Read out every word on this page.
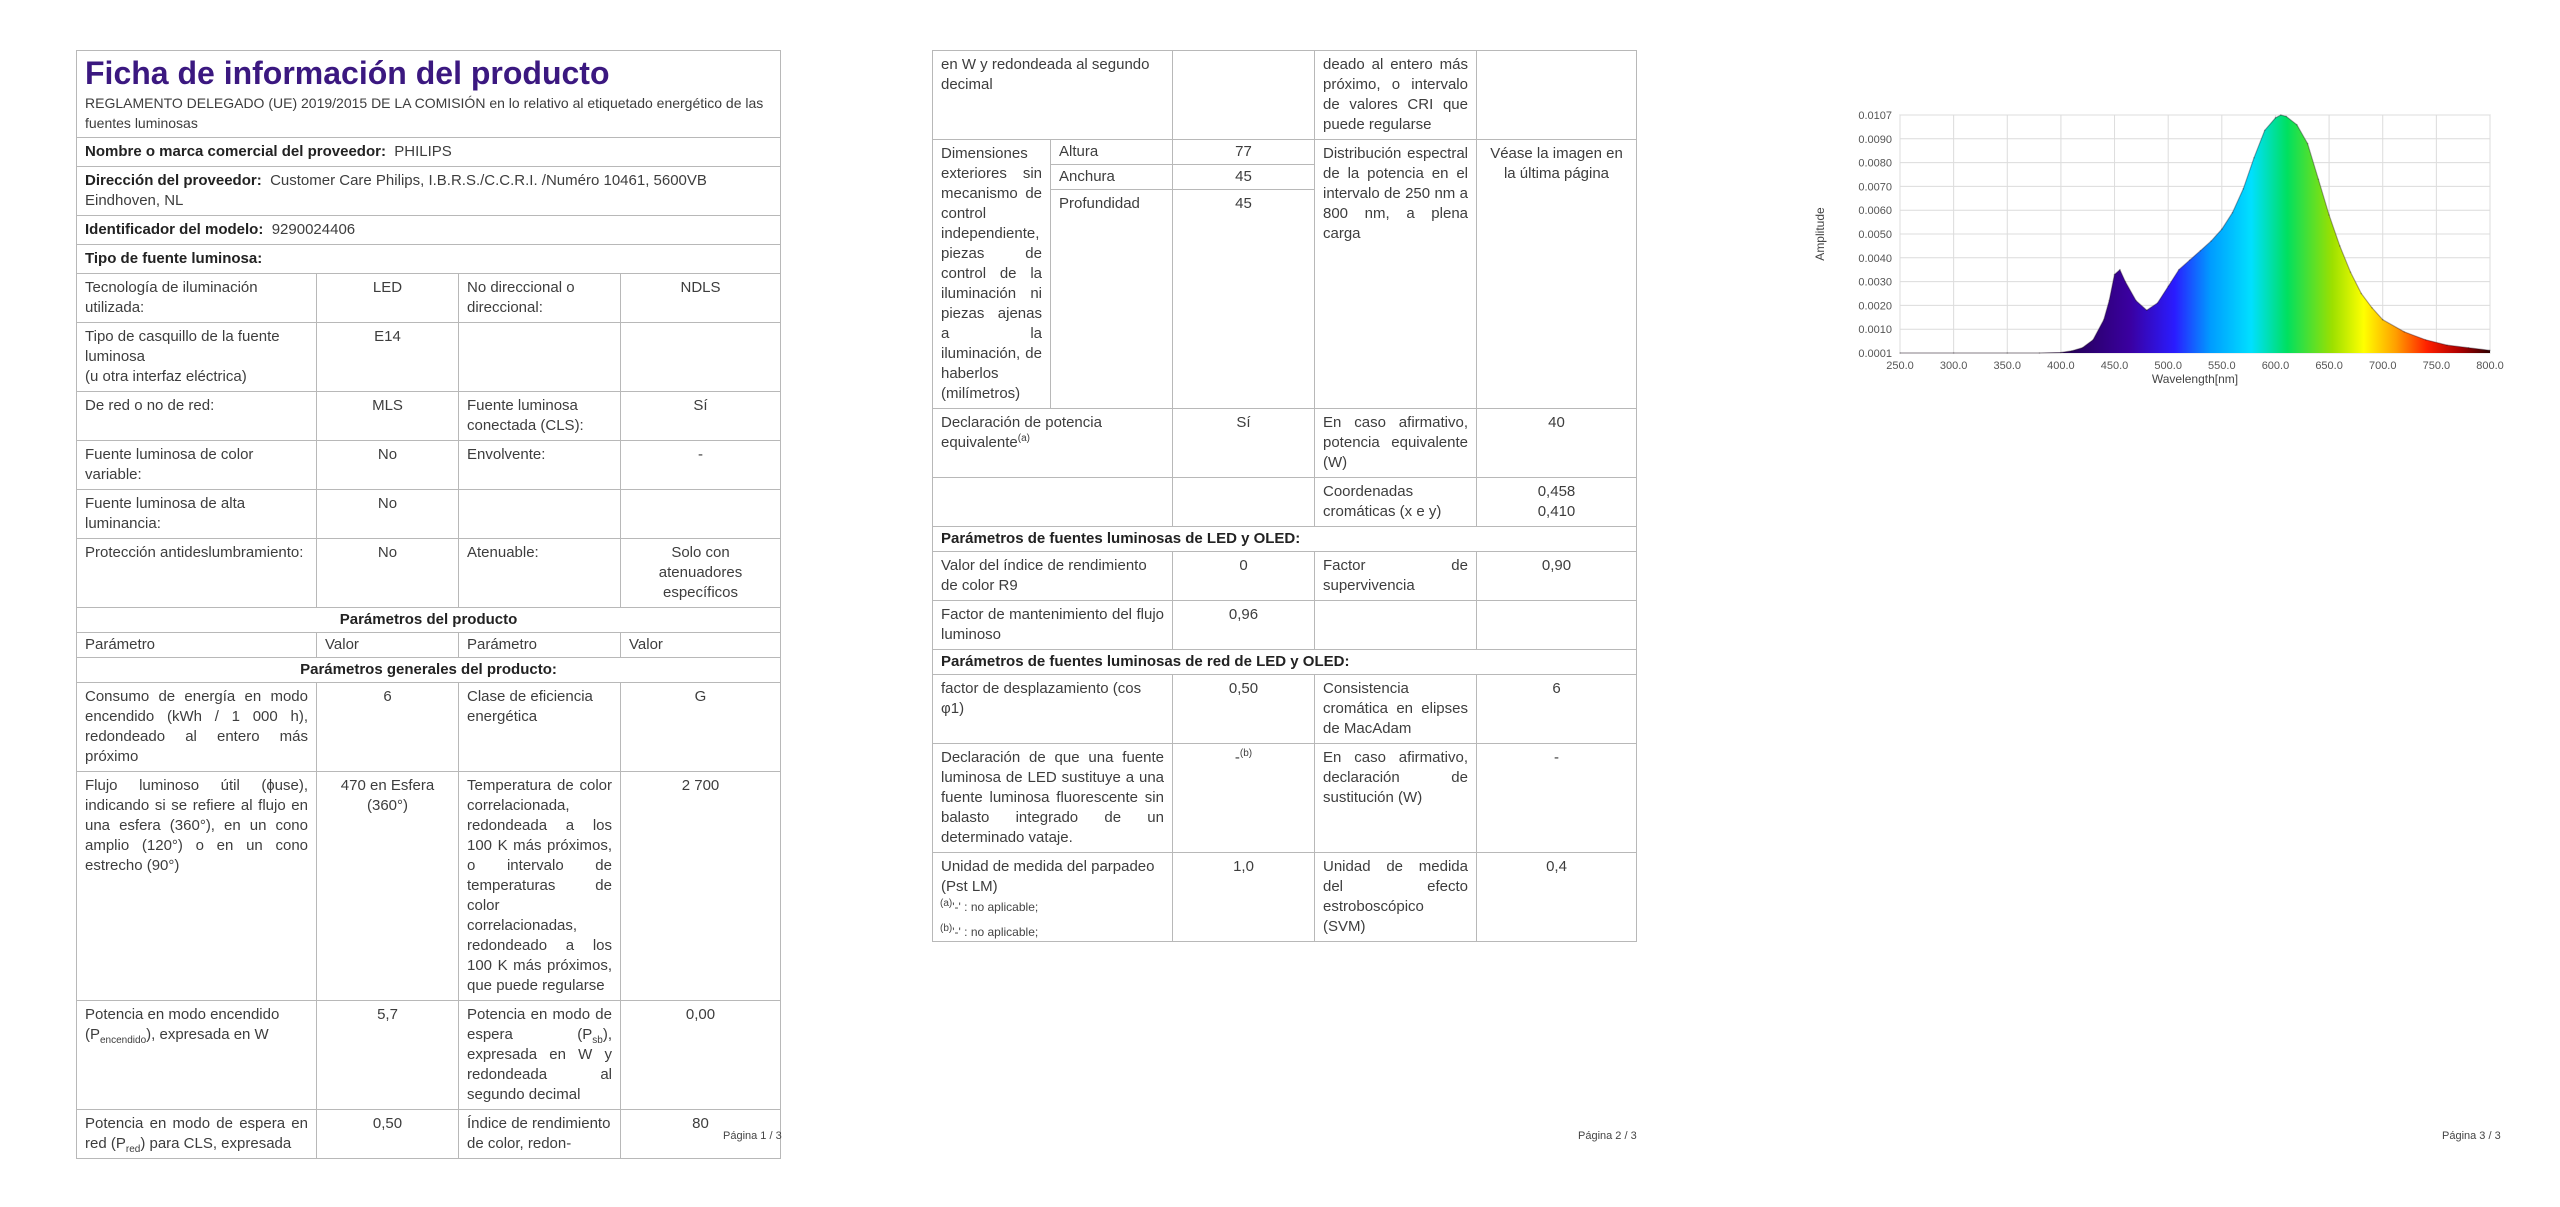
Ficha de información del producto
REGLAMENTO DELEGADO (UE) 2019/2015 DE LA COMISIÓN en lo relativo al etiquetado energético de las fuentes luminosas			

Nombre o marca comercial del proveedor: PHILIPS			
Dirección del proveedor: Customer Care Philips, I.B.R.S./C.C.R.I. /Numéro 10461, 5600VB Eindhoven, NL			
Identificador del modelo: 9290024406			
Tipo de fuente luminosa:			
Tecnología de iluminación utilizada:	LED	No direccional o direccional:	NDLS

Tipo de casquillo de la fuente luminosa
(u otra interfaz eléctrica)	E14		
De red o no de red:	MLS	Fuente luminosa conectada (CLS):	Sí
Fuente luminosa de color variable:	No	Envolvente:	-
Fuente luminosa de alta luminancia:	No		
Protección antideslumbramiento:	No	Atenuable:	Solo con atenuadores específicos
Parámetros del producto			
Parámetro	Valor	Parámetro	Valor
Parámetros generales del producto:			
Consumo de energía en modo encendido (kWh / 1 000 h), redondeado al entero más próximo	6	Clase de eficiencia energética	G
Flujo luminoso útil (ɸuse), indicando si se refiere al flujo en una esfera (360°), en un cono amplio (120°) o en un cono estrecho (90°)	470 en Esfera (360°)	Temperatura de color correlacionada, redondeada a los 100 K más próximos, o intervalo de temperaturas de color correlacionadas, redondeado a los 100 K más próximos, que puede regularse	2 700
Potencia en modo encendido $(P_{encendido})$, expresada en W	5,7	Potencia en modo de espera $(P_{sb})$, expresada en W y redondeada al segundo decimal	0,00
Potencia en modo de espera en red $(P_{red})$ para CLS, expresada	0,50	Índice de rendimiento de color, redon-	80
Página 1 / 3
en W y redondeada al segundo decimal			deado al entero más próximo, o intervalo de valores CRI que puede regularse	
Dimensiones exteriores sin mecanismo de control independiente, piezas de control de la iluminación ni piezas ajenas a la iluminación, de haberlos (milímetros)	Altura	77	Distribución espectral de la potencia en el intervalo de 250 nm a 800 nm, a plena carga	Véase la imagen en la última página
	Anchura	45		
	Profundidad	45		
Declaración de potencia equivalente$^{(a)}$		Sí	En caso afirmativo, potencia equivalente (W)	40
			Coordenadas cromáticas (x e y)	0,458
0,410

Parámetros de fuentes luminosas de LED y OLED:				
Valor del índice de rendimiento de color R9		0	Factor de supervivencia	0,90
Factor de mantenimiento del flujo luminoso		0,96		
Parámetros de fuentes luminosas de red de LED y OLED:				
factor de desplazamiento (cos φ1)		0,50	Consistencia cromática en elipses de MacAdam	6
Declaración de que una fuente luminosa de LED sustituye a una fuente luminosa fluorescente sin balasto integrado de un determinado vataje.		-$^{(b)}$	En caso afirmativo, declaración de sustitución (W)	-
Unidad de medida del parpadeo (Pst LM)		1,0	Unidad de medida del efecto estroboscópico (SVM)	0,4
$^{(a)}$'-' : no aplicable;
$^{(b)}$'-' : no aplicable;
Página 2 / 3
250.0 300.0 350.0 400.0 450.0 500.0 550.0 600.0 650.0 700.0 750.0 800.0
0.0001
0.0010
0.0020
0.0030
0.0040
0.0050
0.0060
0.0070
0.0080
0.0090
0.0107
Wavelength[nm]
Amplitude
Página 3 / 3
